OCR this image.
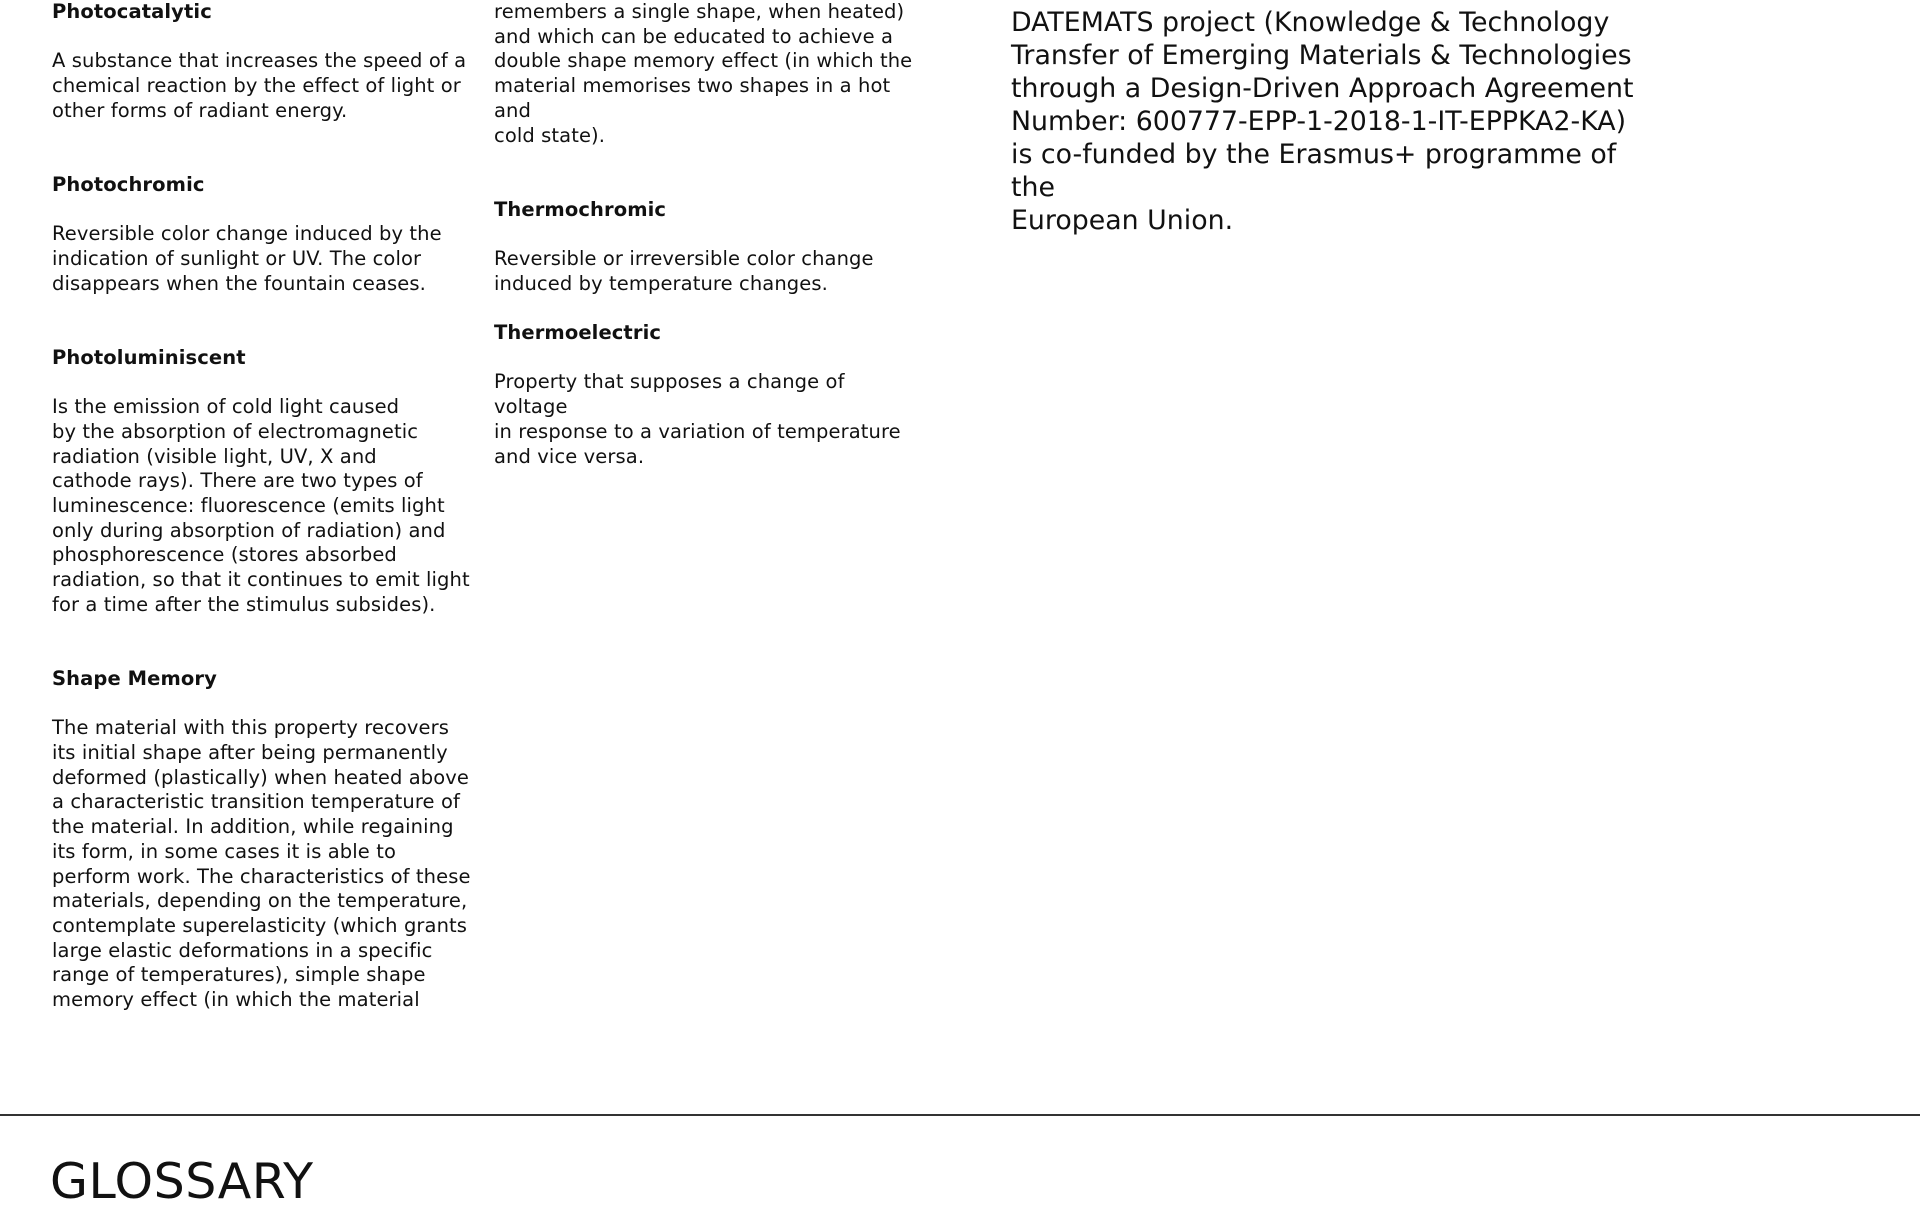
Photocatalytic

A substance that increases the speed of a
chemical reaction by the effect of light or
other forms of radiant energy.

Photochromic

Reversible color change induced by the
indication of sunlight or UV. The color
disappears when the fountain ceases.

Photoluminiscent

Is the emission of cold light caused
by the absorption of electromagnetic
radiation (visible light, UV, X and
cathode rays). There are two types of
luminescence: fluorescence (emits light
only during absorption of radiation) and
phosphorescence (stores absorbed
radiation, so that it continues to emit light
for a time after the stimulus subsides).

Shape Memory

The material with this property recovers
its initial shape after being permanently
deformed (plastically) when heated above
a characteristic transition temperature of
the material. In addition, while regaining
its form, in some cases it is able to
perform work. The characteristics of these
materials, depending on the temperature,
contemplate superelasticity (which grants
large elastic deformations in a specific
range of temperatures), simple shape
memory effect (in which the material

remembers a single shape, when heated)
and which can be educated to achieve a
double shape memory effect (in which the
material memorises two shapes in a hot and
cold state).

Thermochromic

Reversible or irreversible color change
induced by temperature changes.

Thermoelectric

Property that supposes a change of voltage
in response to a variation of temperature
and vice versa.

DATEMATS project (Knowledge & Technology
Transfer of Emerging Materials & Technologies
through a Design-Driven Approach Agreement
Number: 600777-EPP-1-2018-1-IT-EPPKA2-KA)
is co-funded by the Erasmus+ programme of the
European Union.
GLOSSARY
